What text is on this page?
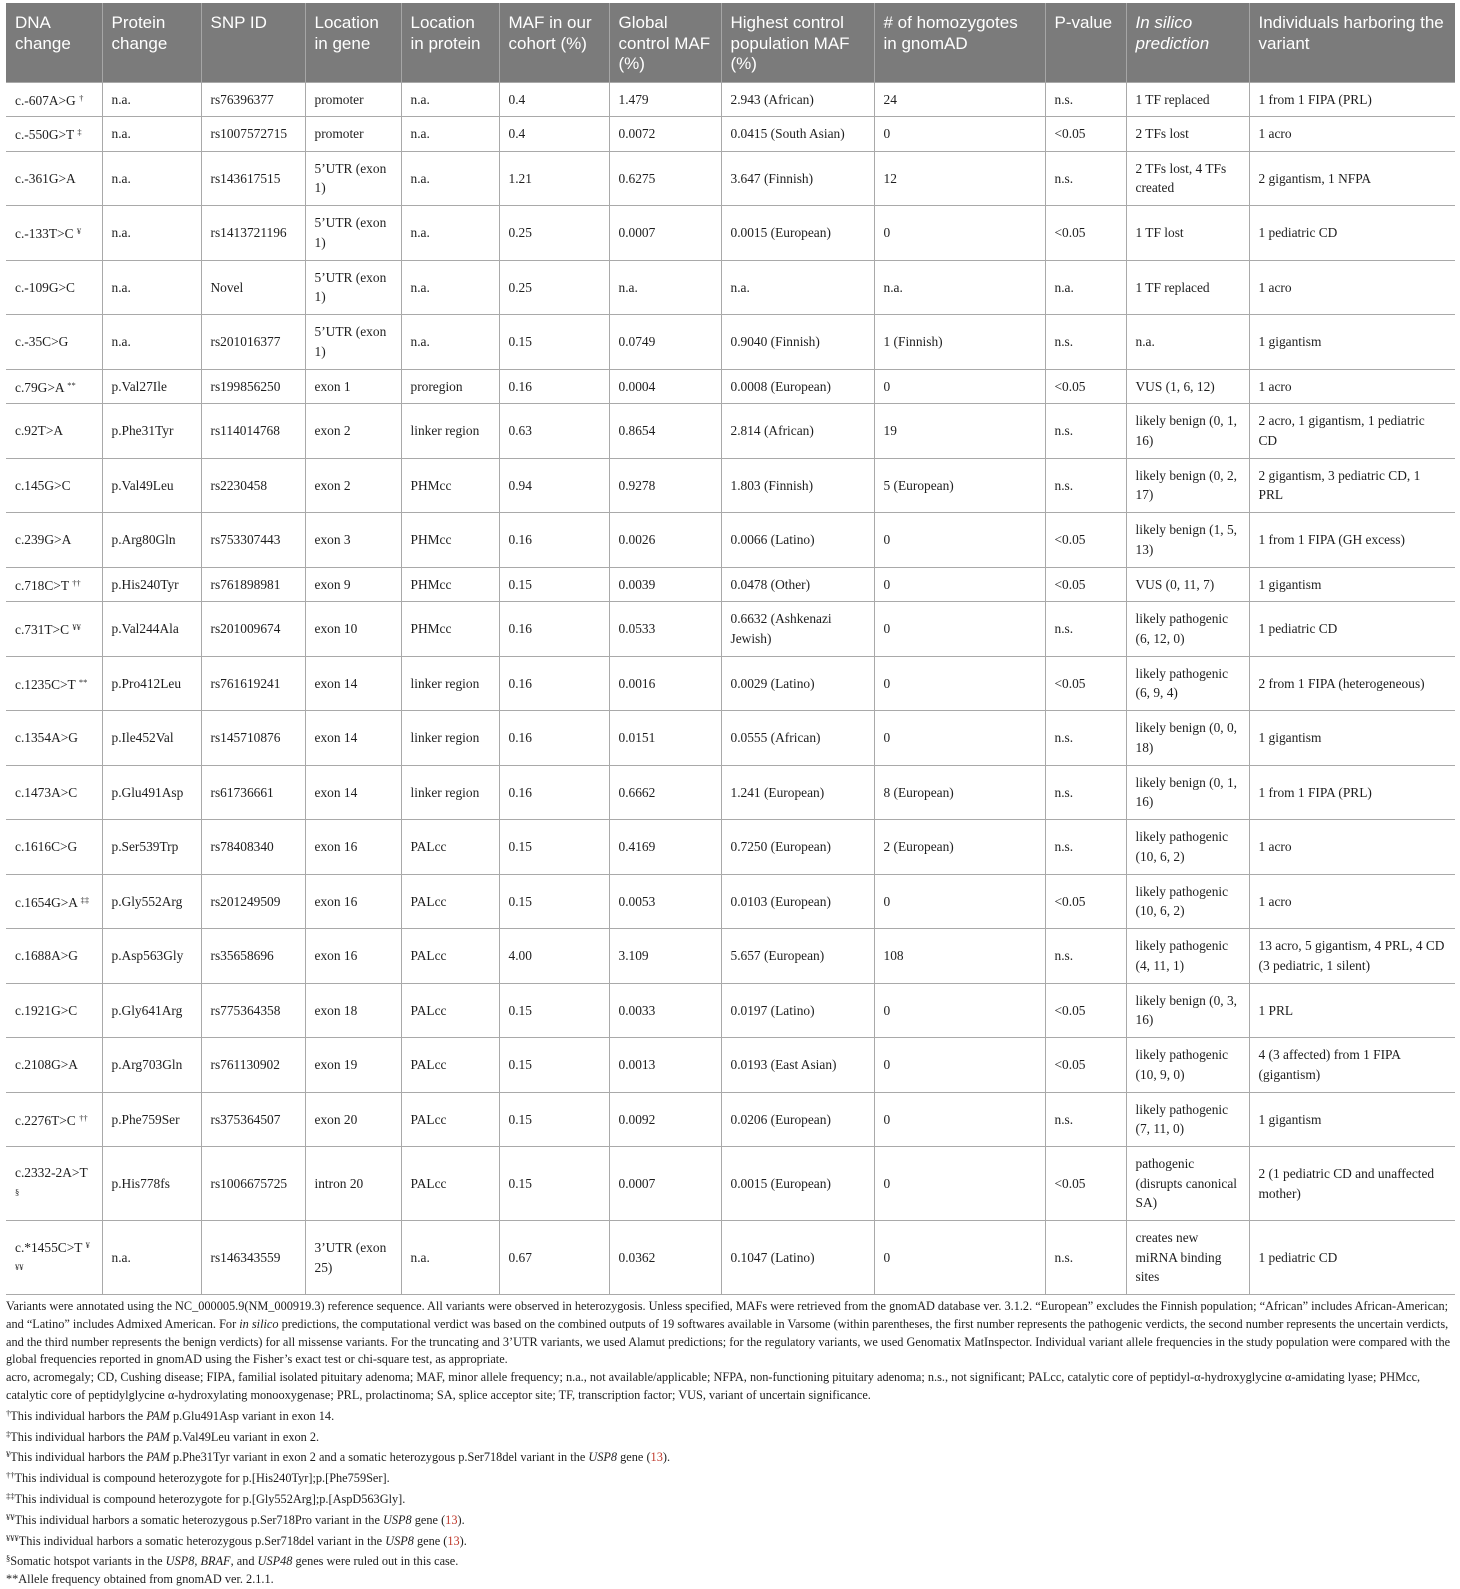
DNA change	Protein change	SNP ID	Location in gene	Location in protein	MAF in our cohort (%)	Global control MAF (%)	Highest control population MAF (%)	# of homozygotes in gnomAD	P-value	In silico prediction	Individuals harboring the variant
c.-607A>G †	n.a.	rs76396377	promoter	n.a.	0.4	1.479	2.943 (African)	24	n.s.	1 TF replaced	1 from 1 FIPA (PRL)
c.-550G>T ‡	n.a.	rs1007572715	promoter	n.a.	0.4	0.0072	0.0415 (South Asian)	0	<0.05	2 TFs lost	1 acro
c.-361G>A	n.a.	rs143617515	5’UTR (exon 1)	n.a.	1.21	0.6275	3.647 (Finnish)	12	n.s.	2 TFs lost, 4 TFs created	2 gigantism, 1 NFPA
c.-133T>C ¥	n.a.	rs1413721196	5’UTR (exon 1)	n.a.	0.25	0.0007	0.0015 (European)	0	<0.05	1 TF lost	1 pediatric CD
c.-109G>C	n.a.	Novel	5’UTR (exon 1)	n.a.	0.25	n.a.	n.a.	n.a.	n.a.	1 TF replaced	1 acro
c.-35C>G	n.a.	rs201016377	5’UTR (exon 1)	n.a.	0.15	0.0749	0.9040 (Finnish)	1 (Finnish)	n.s.	n.a.	1 gigantism
c.79G>A **	p.Val27Ile	rs199856250	exon 1	proregion	0.16	0.0004	0.0008 (European)	0	<0.05	VUS (1, 6, 12)	1 acro
c.92T>A	p.Phe31Tyr	rs114014768	exon 2	linker region	0.63	0.8654	2.814 (African)	19	n.s.	likely benign (0, 1, 16)	2 acro, 1 gigantism, 1 pediatric CD
c.145G>C	p.Val49Leu	rs2230458	exon 2	PHMcc	0.94	0.9278	1.803 (Finnish)	5 (European)	n.s.	likely benign (0, 2, 17)	2 gigantism, 3 pediatric CD, 1 PRL
c.239G>A	p.Arg80Gln	rs753307443	exon 3	PHMcc	0.16	0.0026	0.0066 (Latino)	0	<0.05	likely benign (1, 5, 13)	1 from 1 FIPA (GH excess)
c.718C>T ††	p.His240Tyr	rs761898981	exon 9	PHMcc	0.15	0.0039	0.0478 (Other)	0	<0.05	VUS (0, 11, 7)	1 gigantism
c.731T>C ¥¥	p.Val244Ala	rs201009674	exon 10	PHMcc	0.16	0.0533	0.6632 (Ashkenazi Jewish)	0	n.s.	likely pathogenic (6, 12, 0)	1 pediatric CD
c.1235C>T **	p.Pro412Leu	rs761619241	exon 14	linker region	0.16	0.0016	0.0029 (Latino)	0	<0.05	likely pathogenic (6, 9, 4)	2 from 1 FIPA (heterogeneous)
c.1354A>G	p.Ile452Val	rs145710876	exon 14	linker region	0.16	0.0151	0.0555 (African)	0	n.s.	likely benign (0, 0, 18)	1 gigantism
c.1473A>C	p.Glu491Asp	rs61736661	exon 14	linker region	0.16	0.6662	1.241 (European)	8 (European)	n.s.	likely benign (0, 1, 16)	1 from 1 FIPA (PRL)
c.1616C>G	p.Ser539Trp	rs78408340	exon 16	PALcc	0.15	0.4169	0.7250 (European)	2 (European)	n.s.	likely pathogenic (10, 6, 2)	1 acro
c.1654G>A ‡‡	p.Gly552Arg	rs201249509	exon 16	PALcc	0.15	0.0053	0.0103 (European)	0	<0.05	likely pathogenic (10, 6, 2)	1 acro
c.1688A>G	p.Asp563Gly	rs35658696	exon 16	PALcc	4.00	3.109	5.657 (European)	108	n.s.	likely pathogenic (4, 11, 1)	13 acro, 5 gigantism, 4 PRL, 4 CD (3 pediatric, 1 silent)
c.1921G>C	p.Gly641Arg	rs775364358	exon 18	PALcc	0.15	0.0033	0.0197 (Latino)	0	<0.05	likely benign (0, 3, 16)	1 PRL
c.2108G>A	p.Arg703Gln	rs761130902	exon 19	PALcc	0.15	0.0013	0.0193 (East Asian)	0	<0.05	likely pathogenic (10, 9, 0)	4 (3 affected) from 1 FIPA (gigantism)
c.2276T>C ††	p.Phe759Ser	rs375364507	exon 20	PALcc	0.15	0.0092	0.0206 (European)	0	n.s.	likely pathogenic (7, 11, 0)	1 gigantism
c.2332-2A>T §	p.His778fs	rs1006675725	intron 20	PALcc	0.15	0.0007	0.0015 (European)	0	<0.05	pathogenic (disrupts canonical SA)	2 (1 pediatric CD and unaffected mother)
c.*1455C>T ¥¥¥	n.a.	rs146343559	3’UTR (exon 25)	n.a.	0.67	0.0362	0.1047 (Latino)	0	n.s.	creates new miRNA binding sites	1 pediatric CD

Variants were annotated using the NC_000005.9(NM_000919.3) reference sequence. All variants were observed in heterozygosis. Unless specified, MAFs were retrieved from the gnomAD database ver. 3.1.2. “European” excludes the Finnish population; “African” includes African-American; and “Latino” includes Admixed American. For in silico predictions, the computational verdict was based on the combined outputs of 19 softwares available in Varsome (within parentheses, the first number represents the pathogenic verdicts, the second number represents the uncertain verdicts, and the third number represents the benign verdicts) for all missense variants. For the truncating and 3’UTR variants, we used Alamut predictions; for the regulatory variants, we used Genomatix MatInspector. Individual variant allele frequencies in the study population were compared with the global frequencies reported in gnomAD using the Fisher’s exact test or chi-square test, as appropriate.

acro, acromegaly; CD, Cushing disease; FIPA, familial isolated pituitary adenoma; MAF, minor allele frequency; n.a., not available/applicable; NFPA, non-functioning pituitary adenoma; n.s., not significant; PALcc, catalytic core of peptidyl-α-hydroxyglycine α-amidating lyase; PHMcc, catalytic core of peptidylglycine α-hydroxylating monooxygenase; PRL, prolactinoma; SA, splice acceptor site; TF, transcription factor; VUS, variant of uncertain significance.

†This individual harbors the PAM p.Glu491Asp variant in exon 14.

‡This individual harbors the PAM p.Val49Leu variant in exon 2.

¥This individual harbors the PAM p.Phe31Tyr variant in exon 2 and a somatic heterozygous p.Ser718del variant in the USP8 gene (13).

††This individual is compound heterozygote for p.[His240Tyr];p.[Phe759Ser].

‡‡This individual is compound heterozygote for p.[Gly552Arg];p.[AspD563Gly].

¥¥This individual harbors a somatic heterozygous p.Ser718Pro variant in the USP8 gene (13).

¥¥¥This individual harbors a somatic heterozygous p.Ser718del variant in the USP8 gene (13).

§Somatic hotspot variants in the USP8, BRAF, and USP48 genes were ruled out in this case.

**Allele frequency obtained from gnomAD ver. 2.1.1.
